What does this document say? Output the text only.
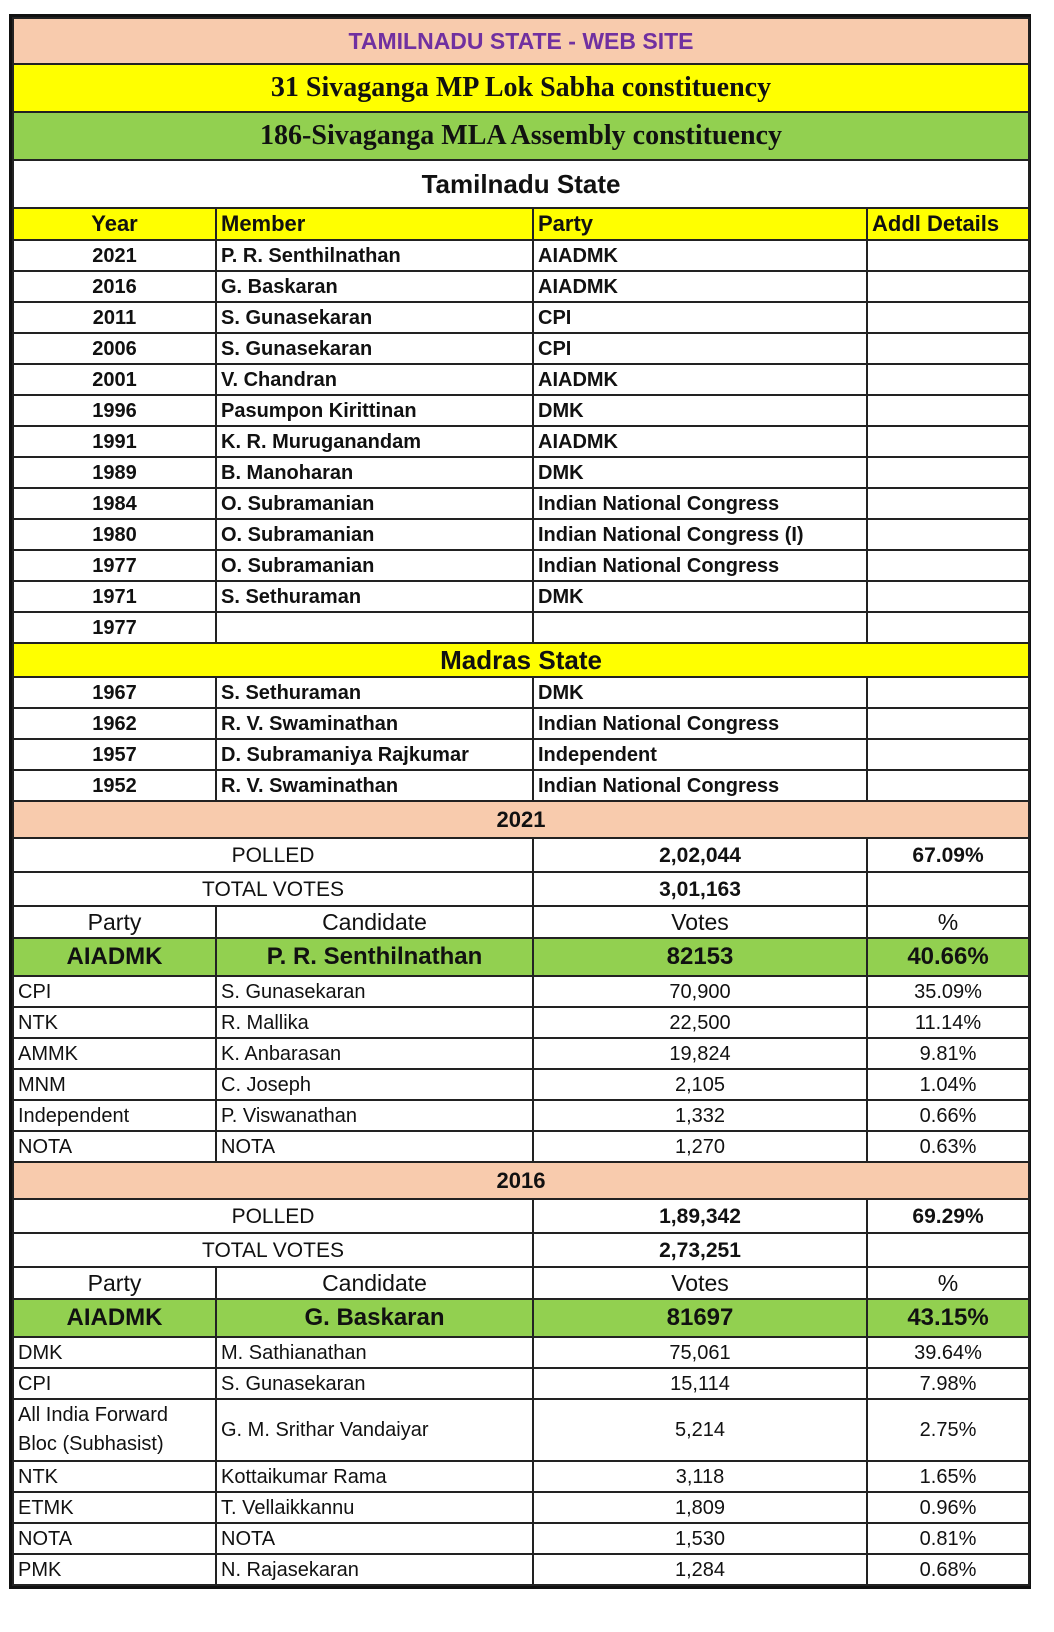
TAMILNADU STATE - WEB SITE			
31 Sivaganga MP Lok Sabha constituency			
186-Sivaganga MLA Assembly constituency			
Tamilnadu State			
Year	Member	Party	Addl Details
2021	P. R. Senthilnathan	AIADMK	
2016	G. Baskaran	AIADMK	
2011	S. Gunasekaran	CPI	
2006	S. Gunasekaran	CPI	
2001	V. Chandran	AIADMK	
1996	Pasumpon Kirittinan	DMK	
1991	K. R. Muruganandam	AIADMK	
1989	B. Manoharan	DMK	
1984	O. Subramanian	Indian National Congress	
1980	O. Subramanian	Indian National Congress (I)	
1977	O. Subramanian	Indian National Congress	
1971	S. Sethuraman	DMK	
1977			
Madras State			
1967	S. Sethuraman	DMK	
1962	R. V. Swaminathan	Indian National Congress	
1957	D. Subramaniya Rajkumar	Independent	
1952	R. V. Swaminathan	Indian National Congress	
2021			
POLLED		2,02,044	67.09%
TOTAL VOTES		3,01,163	
Party	Candidate	Votes	%
AIADMK	P. R. Senthilnathan	82153	40.66%
CPI	S. Gunasekaran	70,900	35.09%
NTK	R. Mallika	22,500	11.14%
AMMK	K. Anbarasan	19,824	9.81%
MNM	C. Joseph	2,105	1.04%
Independent	P. Viswanathan	1,332	0.66%
NOTA	NOTA	1,270	0.63%
2016			
POLLED		1,89,342	69.29%
TOTAL VOTES		2,73,251	
Party	Candidate	Votes	%
AIADMK	G. Baskaran	81697	43.15%
DMK	M. Sathianathan	75,061	39.64%
CPI	S. Gunasekaran	15,114	7.98%
All India Forward Bloc (Subhasist)	G. M. Srithar Vandaiyar	5,214	2.75%
NTK	Kottaikumar Rama	3,118	1.65%
ETMK	T. Vellaikkannu	1,809	0.96%
NOTA	NOTA	1,530	0.81%
PMK	N. Rajasekaran	1,284	0.68%
